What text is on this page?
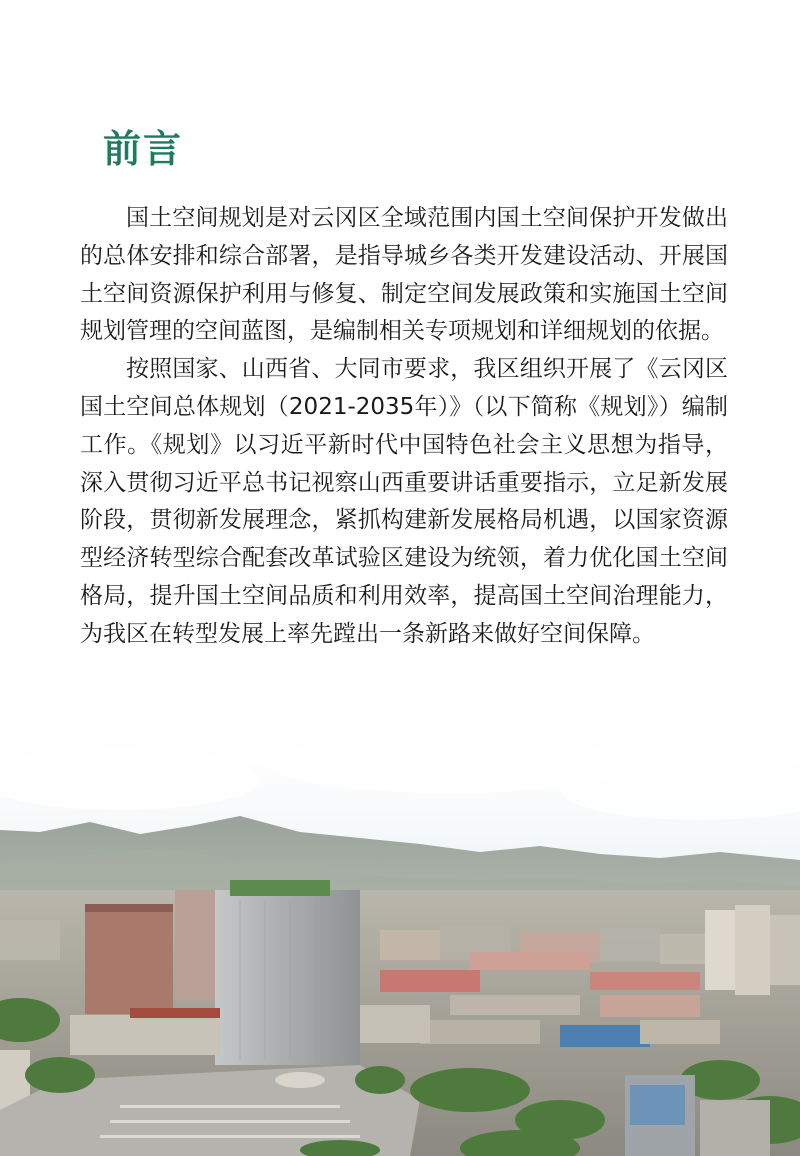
前言

国土空间规划是对云冈区全域范围内国土空间保护开发做出的总体安排和综合部署，是指导城乡各类开发建设活动、开展国土空间资源保护利用与修复、制定空间发展政策和实施国土空间规划管理的空间蓝图，是编制相关专项规划和详细规划的依据。

按照国家、山西省、大同市要求，我区组织开展了《云冈区国土空间总体规划（2021-2035年）》（以下简称《规划》）编制工作。《规划》以习近平新时代中国特色社会主义思想为指导，深入贯彻习近平总书记视察山西重要讲话重要指示，立足新发展阶段，贯彻新发展理念，紧抓构建新发展格局机遇，以国家资源型经济转型综合配套改革试验区建设为统领，着力优化国土空间格局，提升国土空间品质和利用效率，提高国土空间治理能力，为我区在转型发展上率先蹚出一条新路来做好空间保障。
